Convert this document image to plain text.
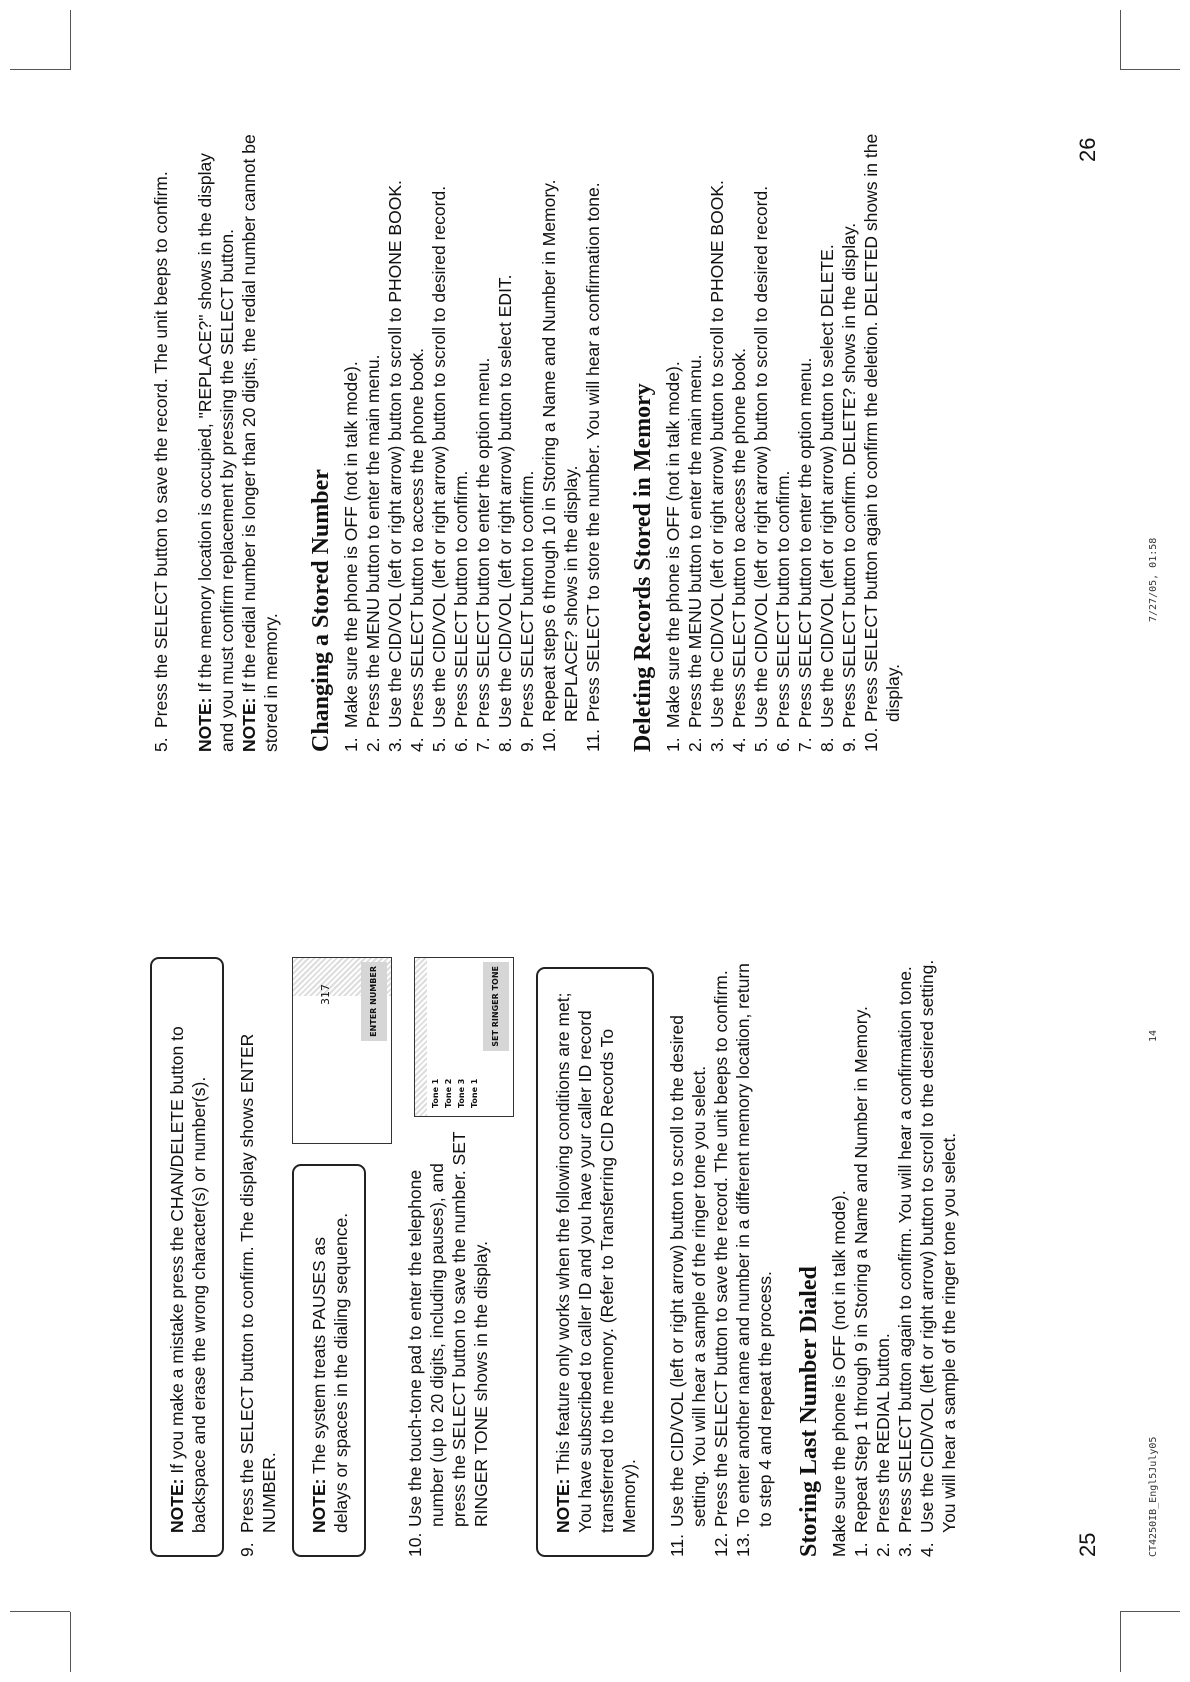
NOTE: If you make a mistake press the CHAN/DELETE button to backspace and erase the wrong character(s) or number(s).

9.
Press the SELECT button to confirm. The display shows ENTER NUMBER. NOTE: The system treats PAUSES as delays or spaces in the dialing sequence.

317	ENTER NUMBER
10.
Use the touch-tone pad to enter the telephone number (up to 20 digits, including pauses), and press the SELECT button to save the number. SET RINGER TONE shows in the display.
Tone 1 Tone 2 Tone 3 Tone 1
SET RINGER TONE

NOTE: This feature only works when the following conditions are met; You have subscribed to caller ID and you have your caller ID record transferred to the memory. (Refer to Transferring CID Records To Memory).

11.
Use the CID/VOL (left or right arrow) button to scroll to the desired setting. You will hear a sample of the ringer tone you select.
12.
Press the SELECT button to save the record. The unit beeps to confirm.
13.
To enter another name and number in a different memory location, return to step 4 and repeat the process. Storing Last Number Dialed Make sure the phone is OFF (not in talk mode). 1.
Repeat Step 1 through 9 in Storing a Name and Number in Memory.
2.
Press the REDIAL button.
3.
Press SELECT button again to confirm. You will hear a confirmation tone.
4.
Use the CID/VOL (left or right arrow) button to scroll to the desired setting. You will hear a sample of the ringer tone you select.
25	CT4250IB_Engl5July05
14
5.
Press the SELECT button to save the record. The unit beeps to confirm. NOTE: If the memory location is occupied, "REPLACE?" shows in the display and you must confirm replacement by pressing the SELECT button. NOTE: If the redial number is longer than 20 digits, the redial number cannot be stored in memory. Changing a Stored Number 1.
Make sure the phone is OFF (not in talk mode).
2.
Press the MENU button to enter the main menu.
3.
Use the CID/VOL (left or right arrow) button to scroll to PHONE BOOK.
4.
Press SELECT button to access the phone book.
5.
Use the CID/VOL (left or right arrow) button to scroll to desired record.
6.
Press SELECT button to confirm.
7.
Press SELECT button to enter the option menu.
8.
Use the CID/VOL (left or right arrow) button to select EDIT.
9.
Press SELECT button to confirm.
10.
Repeat steps 6 through 10 in Storing a Name and Number in Memory. REPLACE? shows in the display.
11.
Press SELECT to store the number. You will hear a confirmation tone. Deleting Records Stored in Memory 1.
Make sure the phone is OFF (not in talk mode).
2.
Press the MENU button to enter the main menu.
3.
Use the CID/VOL (left or right arrow) button to scroll to PHONE BOOK.
4.
Press SELECT button to access the phone book.
5.
Use the CID/VOL (left or right arrow) button to scroll to desired record.
6.
Press SELECT button to confirm.
7.
Press SELECT button to enter the option menu.
8.
Use the CID/VOL (left or right arrow) button to select DELETE.
9.
Press SELECT button to confirm. DELETE? shows in the display.
10.
Press SELECT button again to confirm the deletion. DELETED shows in the display.
26
7/27/05, 01:58
